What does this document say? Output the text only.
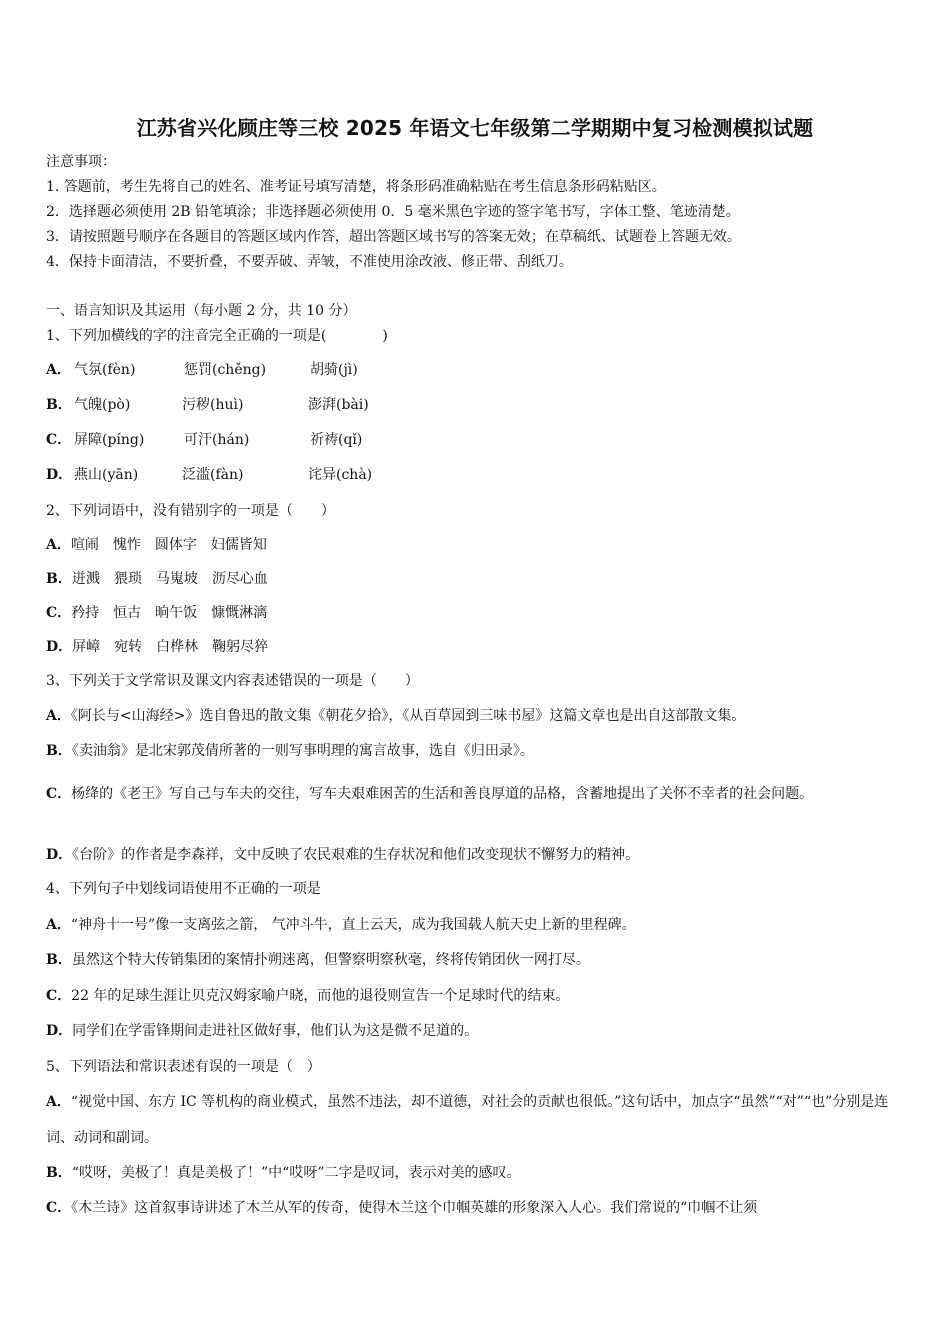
江苏省兴化顾庄等三校 2025 年语文七年级第二学期期中复习检测模拟试题
注意事项：
1. 答题前，考生先将自己的姓名、准考证号填写清楚，将条形码准确粘贴在考生信息条形码粘贴区。
2．选择题必须使用 2B 铅笔填涂；非选择题必须使用 0．5 毫米黑色字迹的签字笔书写，字体工整、笔迹清楚。
3．请按照题号顺序在各题目的答题区域内作答，超出答题区域书写的答案无效；在草稿纸、试题卷上答题无效。
4．保持卡面清洁，不要折叠，不要弄破、弄皱，不准使用涂改液、修正带、刮纸刀。
一、语言知识及其运用（每小题 2 分，共 10 分）
1、下列加横线的字的注音完全正确的一项是(　　　　)
A． 气氛(fèn)	惩罚(chěng)	胡骑(jì)
B． 气魄(pò)	污秽(huì)	澎湃(bài)
C． 屏障(píng)	可汗(hán)	祈祷(qǐ)
D． 燕山(yān)	泛滥(fàn)	诧异(chà)
2、下列词语中，没有错别字的一项是（　　）
A．喧闹　愧怍　圆体字　妇儒皆知
B．迸溅　猥琐　马嵬坡　沥尽心血
C．矜持　恒古　晌午饭　慷慨淋漓
D．屏嶂　宛转　白桦林　鞠躬尽猝
3、下列关于文学常识及课文内容表述错误的一项是（　　）
A．《阿长与<山海经>》选自鲁迅的散文集《朝花夕拾》，《从百草园到三味书屋》这篇文章也是出自这部散文集。
B．《卖油翁》是北宋郭茂倩所著的一则写事明理的寓言故事，选自《归田录》。
C．杨绛的《老王》写自己与车夫的交往，写车夫艰难困苦的生活和善良厚道的品格，含蓄地提出了关怀不幸者的社会问题。
D．《台阶》的作者是李森祥，文中反映了农民艰难的生存状况和他们改变现状不懈努力的精神。
4、下列句子中划线词语使用不正确的一项是
A．“神舟十一号”像一支离弦之箭， 气冲斗牛，直上云天，成为我国载人航天史上新的里程碑。
B．虽然这个特大传销集团的案情扑朔迷离，但警察明察秋毫，终将传销团伙一网打尽。
C．22 年的足球生涯让贝克汉姆家喻户晓，而他的退役则宣告一个足球时代的结束。
D．同学们在学雷锋期间走进社区做好事，他们认为这是微不足道的。
5、下列语法和常识表述有误的一项是（　）
A．“视觉中国、东方 IC 等机构的商业模式，虽然不违法，却不道德，对社会的贡献也很低。”这句话中，加点字“虽然”“对”“也”分别是连词、动词和副词。
B．“哎呀，美极了！真是美极了！”中“哎呀”二字是叹词，表示对美的感叹。
C．《木兰诗》这首叙事诗讲述了木兰从军的传奇，使得木兰这个巾帼英雄的形象深入人心。我们常说的“巾帼不让须
